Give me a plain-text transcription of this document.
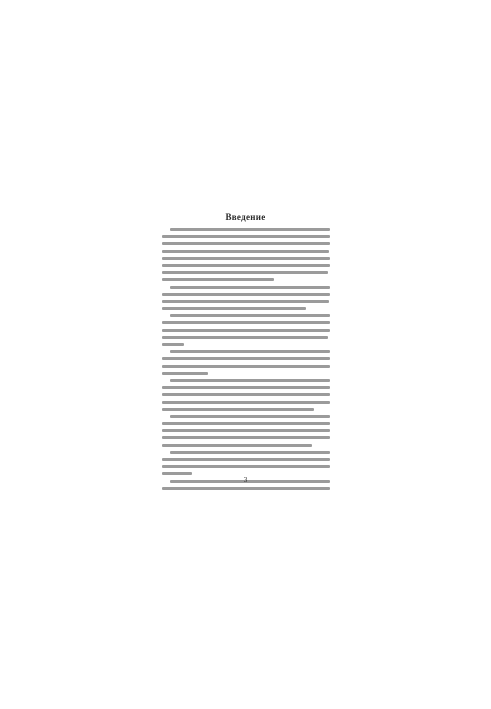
Введение
3
